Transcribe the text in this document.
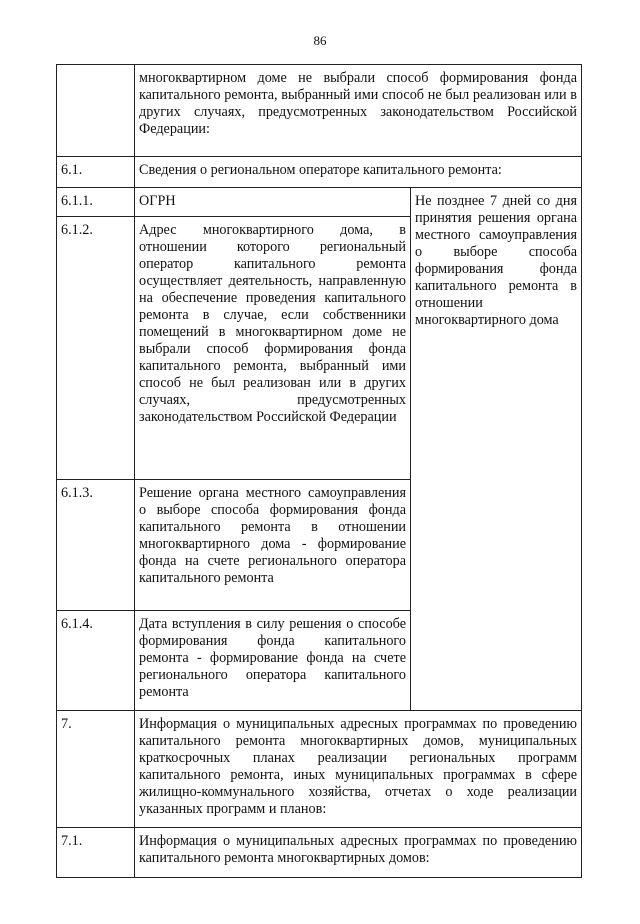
86
	многоквартирном доме не выбрали способ формирования фонда капитального ремонта, выбранный ими способ не был реализован или в других случаях, предусмотренных законодательством Российской Федерации:	
6.1.	Сведения о региональном операторе капитального ремонта:	
6.1.1.	ОГРН	Не позднее 7 дней со дня принятия решения органа местного самоуправления о выборе способа формирования фонда капитального ремонта в отношении многоквартирного дома
6.1.2.	Адрес многоквартирного дома, в отношении которого региональный оператор капитального ремонта осуществляет деятельность, направленную на обеспечение проведения капитального ремонта в случае, если собственники помещений в многоквартирном доме не выбрали способ формирования фонда капитального ремонта, выбранный ими способ не был реализован или в других случаях, предусмотренных законодательством Российской Федерации	
6.1.3.	Решение органа местного самоуправления о выборе способа формирования фонда капитального ремонта в отношении многоквартирного дома - формирование фонда на счете регионального оператора капитального ремонта	
6.1.4.	Дата вступления в силу решения о способе формирования фонда капитального ремонта - формирование фонда на счете регионального оператора капитального ремонта	
7.	Информация о муниципальных адресных программах по проведению капитального ремонта многоквартирных домов, муниципальных краткосрочных планах реализации региональных программ капитального ремонта, иных муниципальных программах в сфере жилищно-коммунального хозяйства, отчетах о ходе реализации указанных программ и планов:	
7.1.	Информация о муниципальных адресных программах по проведению капитального ремонта многоквартирных домов:	
